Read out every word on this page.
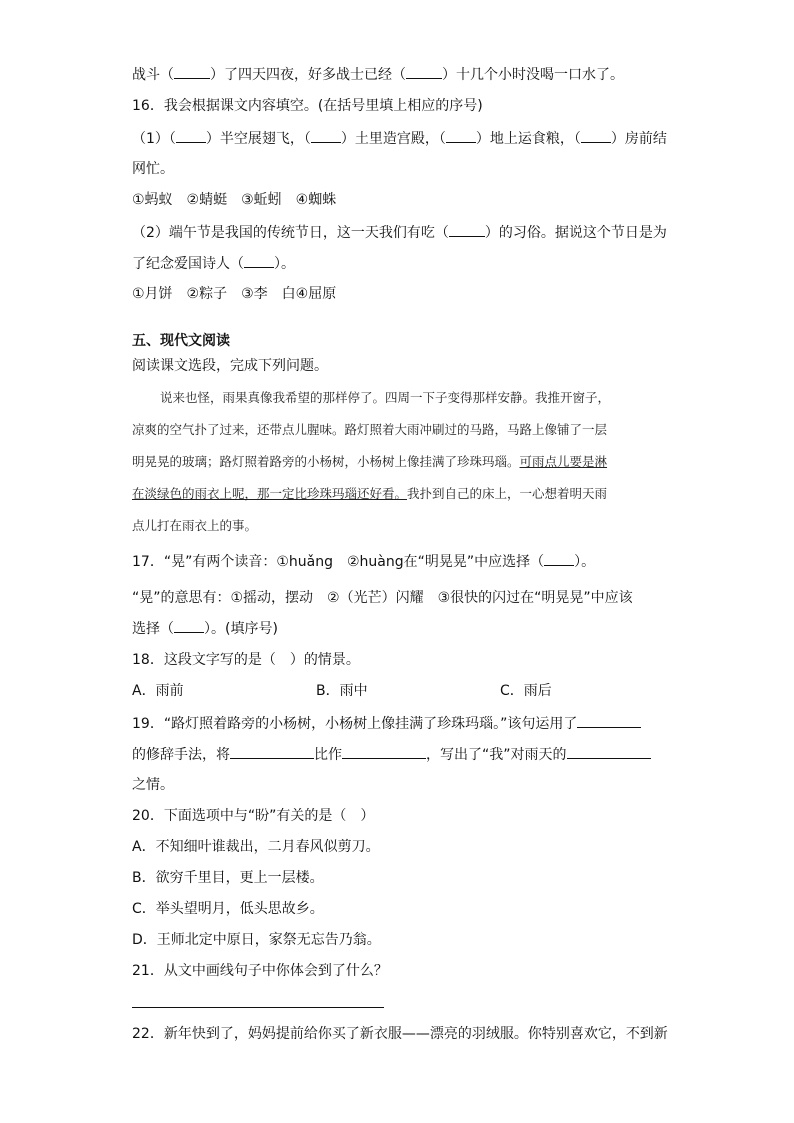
战斗（	）了四天四夜，好多战士已经（	）十几个小时没喝一口水了。
16．我会根据课文内容填空。(在括号里填上相应的序号)
（1）（ ）半空展翅飞，（ ）土里造宫殿，（ ）地上运食粮，（ ）房前结
网忙。
①蚂蚁　②蜻蜓　③蚯蚓　④蜘蛛
（2）端午节是我国的传统节日，这一天我们有吃（	）的习俗。据说这个节日是为
了纪念爱国诗人（ ）。
①月饼　②粽子　③李　白④屈原
五、现代文阅读
阅读课文选段，完成下列问题。
说来也怪，雨果真像我希望的那样停了。四周一下子变得那样安静。我推开窗子，
凉爽的空气扑了过来，还带点儿腥味。路灯照着大雨冲刷过的马路，马路上像铺了一层
明晃晃的玻璃；路灯照着路旁的小杨树，小杨树上像挂满了珍珠玛瑙。可雨点儿要是淋
在淡绿色的雨衣上呢，那一定比珍珠玛瑙还好看。我扑到自己的床上，一心想着明天雨
点儿打在雨衣上的事。
17．“晃”有两个读音：①huǎng　②huàng在“明晃晃”中应选择（ ）。
“晃”的意思有：①摇动，摆动　②（光芒）闪耀　③很快的闪过在“明晃晃”中应该
选择（ ）。(填序号)
18．这段文字写的是（　）的情景。
A．雨前	B．雨中	C．雨后
19．“路灯照着路旁的小杨树，小杨树上像挂满了珍珠玛瑙。”该句运用了
的修辞手法，将	比作	，写出了“我”对雨天的
之情。
20．下面选项中与“盼”有关的是（　）
A．不知细叶谁裁出，二月春风似剪刀。
B．欲穷千里目，更上一层楼。
C．举头望明月，低头思故乡。
D．王师北定中原日，家祭无忘告乃翁。
21．从文中画线句子中你体会到了什么？
22．新年快到了，妈妈提前给你买了新衣服——漂亮的羽绒服。你特别喜欢它，不到新
